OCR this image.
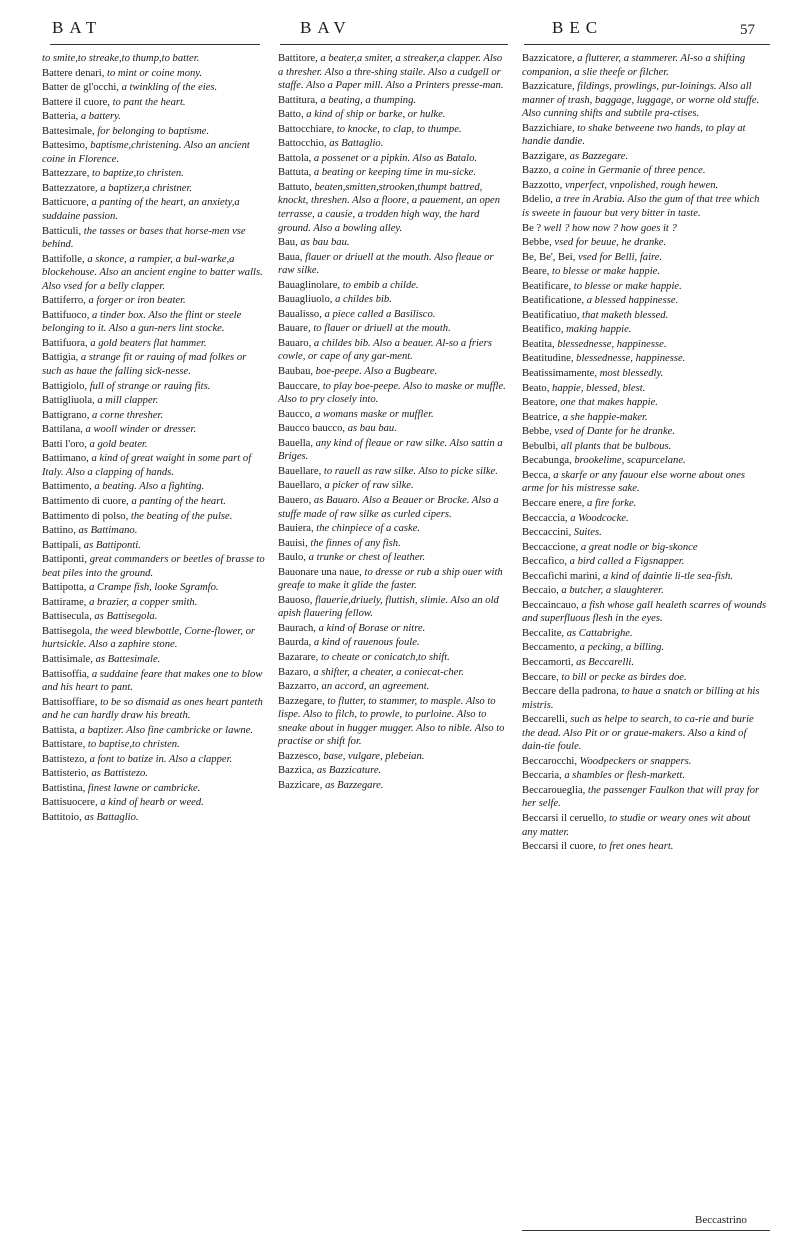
BAT	BAV	BEC	57
to smite,to streake,to thump,to batter.
Battere denari, to mint or coine mony.
Batter de gl'occhi, a twinkling of the eies.
Battere il cuore, to pant the heart.
Batteria, a battery.
Battesimale, for belonging to baptisme.
Battesimo, baptisme,christening. Also an ancient coine in Florence.
Battezzare, to baptize,to christen.
Battezzatore, a baptizer,a christner.
Batticuore, a panting of the heart, an anxiety,a suddaine passion.
Batticuli, the tasses or bases that horse-men vse behind.
Battifolle, a skonce, a rampier, a bul-warke,a blockehouse. Also an ancient engine to batter walls. Also vsed for a belly clapper.
Battiferro, a forger or iron beater.
Battifuoco, a tinder box. Also the flint or steele belonging to it. Also a gun-ners lint stocke.
Battifuora, a gold beaters flat hammer.
Battigia, a strange fit or rauing of mad folkes or such as haue the falling sick-nesse.
Battigiolo, full of strange or rauing fits.
Battigliuola, a mill clapper.
Battigrano, a corne thresher.
Battilana, a wooll winder or dresser.
Batti l'oro, a gold beater.
Battimano, a kind of great waight in some part of Italy. Also a clapping of hands.
Battimento, a beating. Also a fighting.
Battimento di cuore, a panting of the heart.
Battimento di polso, the beating of the pulse.
Battino, as Battimano.
Battipali, as Battiponti.
Battiponti, great commanders or beetles of brasse to beat piles into the ground.
Battipotta, a Crampe fish, looke Sgramfo.
Battirame, a brazier, a copper smith.
Battisecula, as Battisegola.
Battisegola, the weed blewbottle, Corne-flower, or hurtsickle. Also a zaphire stone.
Battisimale, as Battesimale.
Battisoffia, a suddaine feare that makes one to blow and his heart to pant.
Battisoffiare, to be so dismaid as ones heart panteth and he can hardly draw his breath.
Battista, a baptizer. Also fine cambricke or lawne.
Battistare, to baptise,to christen.
Battistezo, a font to batize in. Also a clapper.
Battisterio, as Battistezo.
Battistina, finest lawne or cambricke.
Battisuocere, a kind of hearb or weed.
Battitoio, as Battaglio.
Battitore, a beater,a smiter, a streaker,a clapper. Also a thresher. Also a thre-shing staile. Also a cudgell or staffe. Also a Paper mill. Also a Printers presse-man.
Battitura, a beating, a thumping.
Batto, a kind of ship or barke, or hulke.
Battocchiare, to knocke, to clap, to thumpe.
Battocchio, as Battaglio.
Battola, a possenet or a pipkin. Also as Batalo.
Battuta, a beating or keeping time in mu-sicke.
Battuto, beaten,smitten,strooken,thumpt battred, knockt, threshen. Also a floore, a pauement, an open terrasse, a causie, a trodden high way, the hard ground. Also a bowling alley.
Bau, as bau bau.
Baua, flauer or driuell at the mouth. Also fleaue or raw silke.
Bauaglinolare, to embib a childe.
Bauagliuolo, a childes bib.
Baualisso, a piece called a Basilisco.
Bauare, to flauer or driuell at the mouth.
Bauaro, a childes bib. Also a beauer. Al-so a friers cowle, or cape of any gar-ment.
Baubau, boe-peepe. Also a Bugbeare.
Bauccare, to play boe-peepe. Also to maske or muffle. Also to pry closely into.
Baucco, a womans maske or muffler.
Baucco baucco, as bau bau.
Bauella, any kind of fleaue or raw silke. Also sattin a Briges.
Bauellare, to rauell as raw silke. Also to picke silke.
Bauellaro, a picker of raw silke.
Bauero, as Bauaro. Also a Beauer or Brocke. Also a stuffe made of raw silke as curled cipers.
Bauiera, the chinpiece of a caske.
Bauisi, the finnes of any fish.
Baulo, a trunke or chest of leather.
Bauonare una naue, to dresse or rub a ship ouer with greafe to make it glide the faster.
Bauoso, flauerie,driuely, fluttish, slimie. Also an old apish flauering fellow.
Baurach, a kind of Borase or nitre.
Baurda, a kind of rauenous foule.
Bazarare, to cheate or conicatch,to shift.
Bazaro, a shifter, a cheater, a coniecat-cher.
Bazzarro, an accord, an agreement.
Bazzegare, to flutter, to stammer, to masple. Also to lispe. Also to filch, to prowle, to purloine. Also to sneake about in hugger mugger. Also to nible. Also to practise or shift for.
Bazzesco, base, vulgare, plebeian.
Bazzica, as Bazzicature.
Bazzicare, as Bazzegare.
Bazzicatore, a flutterer, a stammerer. Al-so a shifting companion, a slie theefe or filcher.
Bazzicature, fildings, prowlings, pur-loinings. Also all manner of trash, baggage, luggage, or worne old stuffe. Also cunning shifts and subtile pra-ctises.
Bazzichiare, to shake betweene two hands, to play at handie dandie.
Bazzigare, as Bazzegare.
Bazzo, a coine in Germanie of three pence.
Bazzotto, vnperfect, vnpolished, rough hewen.
Bdelio, a tree in Arabia. Also the gum of that tree which is sweete in fauour but very bitter in taste.
Be ? well ? how now ? how goes it ?
Bebbe, vsed for beuue, he dranke.
Be, Be', Bei, vsed for Belli, faire.
Beare, to blesse or make happie.
Beatificare, to blesse or make happie.
Beatificatione, a blessed happinesse.
Beatificatiuo, that maketh blessed.
Beatifico, making happie.
Beatita, blessednesse, happinesse.
Beatitudine, blessednesse, happinesse.
Beatissimamente, most blessedly.
Beato, happie, blessed, blest.
Beatore, one that makes happie.
Beatrice, a she happie-maker.
Bebbe, vsed of Dante for he dranke.
Bebulbi, all plants that be bulbous.
Becabunga, brookelime, scapurcelane.
Becca, a skarfe or any fauour else worne about ones arme for his mistresse sake.
Beccare enere, a fire forke.
Beccaccia, a Woodcocke.
Beccaccini, Suites.
Beccaccione, a great nodle or big-skonce
Beccafico, a bird called a Figsnapper.
Beccafichi marini, a kind of daintie li-tle sea-fish.
Beccaio, a butcher, a slaughterer.
Beccaincauo, a fish whose gall healeth scarres of wounds and superfluous flesh in the eyes.
Beccalite, as Cattabrighe.
Beccamento, a pecking, a billing.
Beccamorti, as Beccarelli.
Beccare, to bill or pecke as birdes doe.
Beccare della padrona, to haue a snatch or billing at his mistris.
Beccarelli, such as helpe to search, to ca-rie and burie the dead. Also Pit or or graue-makers. Also a kind of dain-tie foule.
Beccarocchi, Woodpeckers or snappers.
Beccaria, a shambles or flesh-markett.
Beccaroueglia, the passenger Faulkon that will pray for her selfe.
Beccarsi il ceruello, to studie or weary ones wit about any matter.
Beccarsi il cuore, to fret ones heart.
Beccastrino
